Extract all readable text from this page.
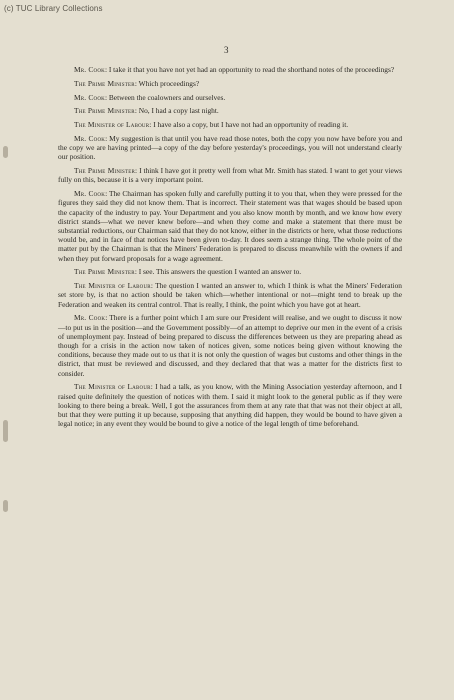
(c) TUC Library Collections
3

Mr. Cook: I take it that you have not yet had an opportunity to read the shorthand notes of the proceedings?

The Prime Minister: Which proceedings?

Mr. Cook: Between the coalowners and ourselves.

The Prime Minister: No, I had a copy last night.

The Minister of Labour: I have also a copy, but I have not had an opportunity of reading it.

Mr. Cook: My suggestion is that until you have read those notes, both the copy you now have before you and the copy we are having printed—a copy of the day before yesterday's proceedings, you will not understand clearly our position.

The Prime Minister: I think I have got it pretty well from what Mr. Smith has stated. I want to get your views fully on this, because it is a very important point.

Mr. Cook: The Chairman has spoken fully and carefully putting it to you that, when they were pressed for the figures they said they did not know them. That is incorrect. Their statement was that wages should be based upon the capacity of the industry to pay. Your Department and you also know month by month, and we know how every district stands—what we never knew before—and when they come and make a statement that there must be substantial reductions, our Chairman said that they do not know, either in the districts or here, what those reductions would be, and in face of that notices have been given to-day. It does seem a strange thing. The whole point of the matter put by the Chairman is that the Miners' Federation is prepared to discuss meanwhile with the owners if and when they put forward proposals for a wage agreement.

The Prime Minister: I see. This answers the question I wanted an answer to.

The Minister of Labour: The question I wanted an answer to, which I think is what the Miners' Federation set store by, is that no action should be taken which—whether intentional or not—might tend to break up the Federation and weaken its central control. That is really, I think, the point which you have got at heart.

Mr. Cook: There is a further point which I am sure our President will realise, and we ought to discuss it now—to put us in the position—and the Government possibly—of an attempt to deprive our men in the event of a crisis of unemployment pay. Instead of being prepared to discuss the differences between us they are preparing ahead as though for a crisis in the action now taken of notices given, some notices being given without knowing the conditions, because they made out to us that it is not only the question of wages but customs and other things in the district, that must be reviewed and discussed, and they declared that that was a matter for the districts first to consider.

The Minister of Labour: I had a talk, as you know, with the Mining Association yesterday afternoon, and I raised quite definitely the question of notices with them. I said it might look to the general public as if they were looking to there being a break. Well, I got the assurances from them at any rate that that was not their object at all, but that they were putting it up because, supposing that anything did happen, they would be bound to have given a legal notice; in any event they would be bound to give a notice of the legal length of time beforehand.
